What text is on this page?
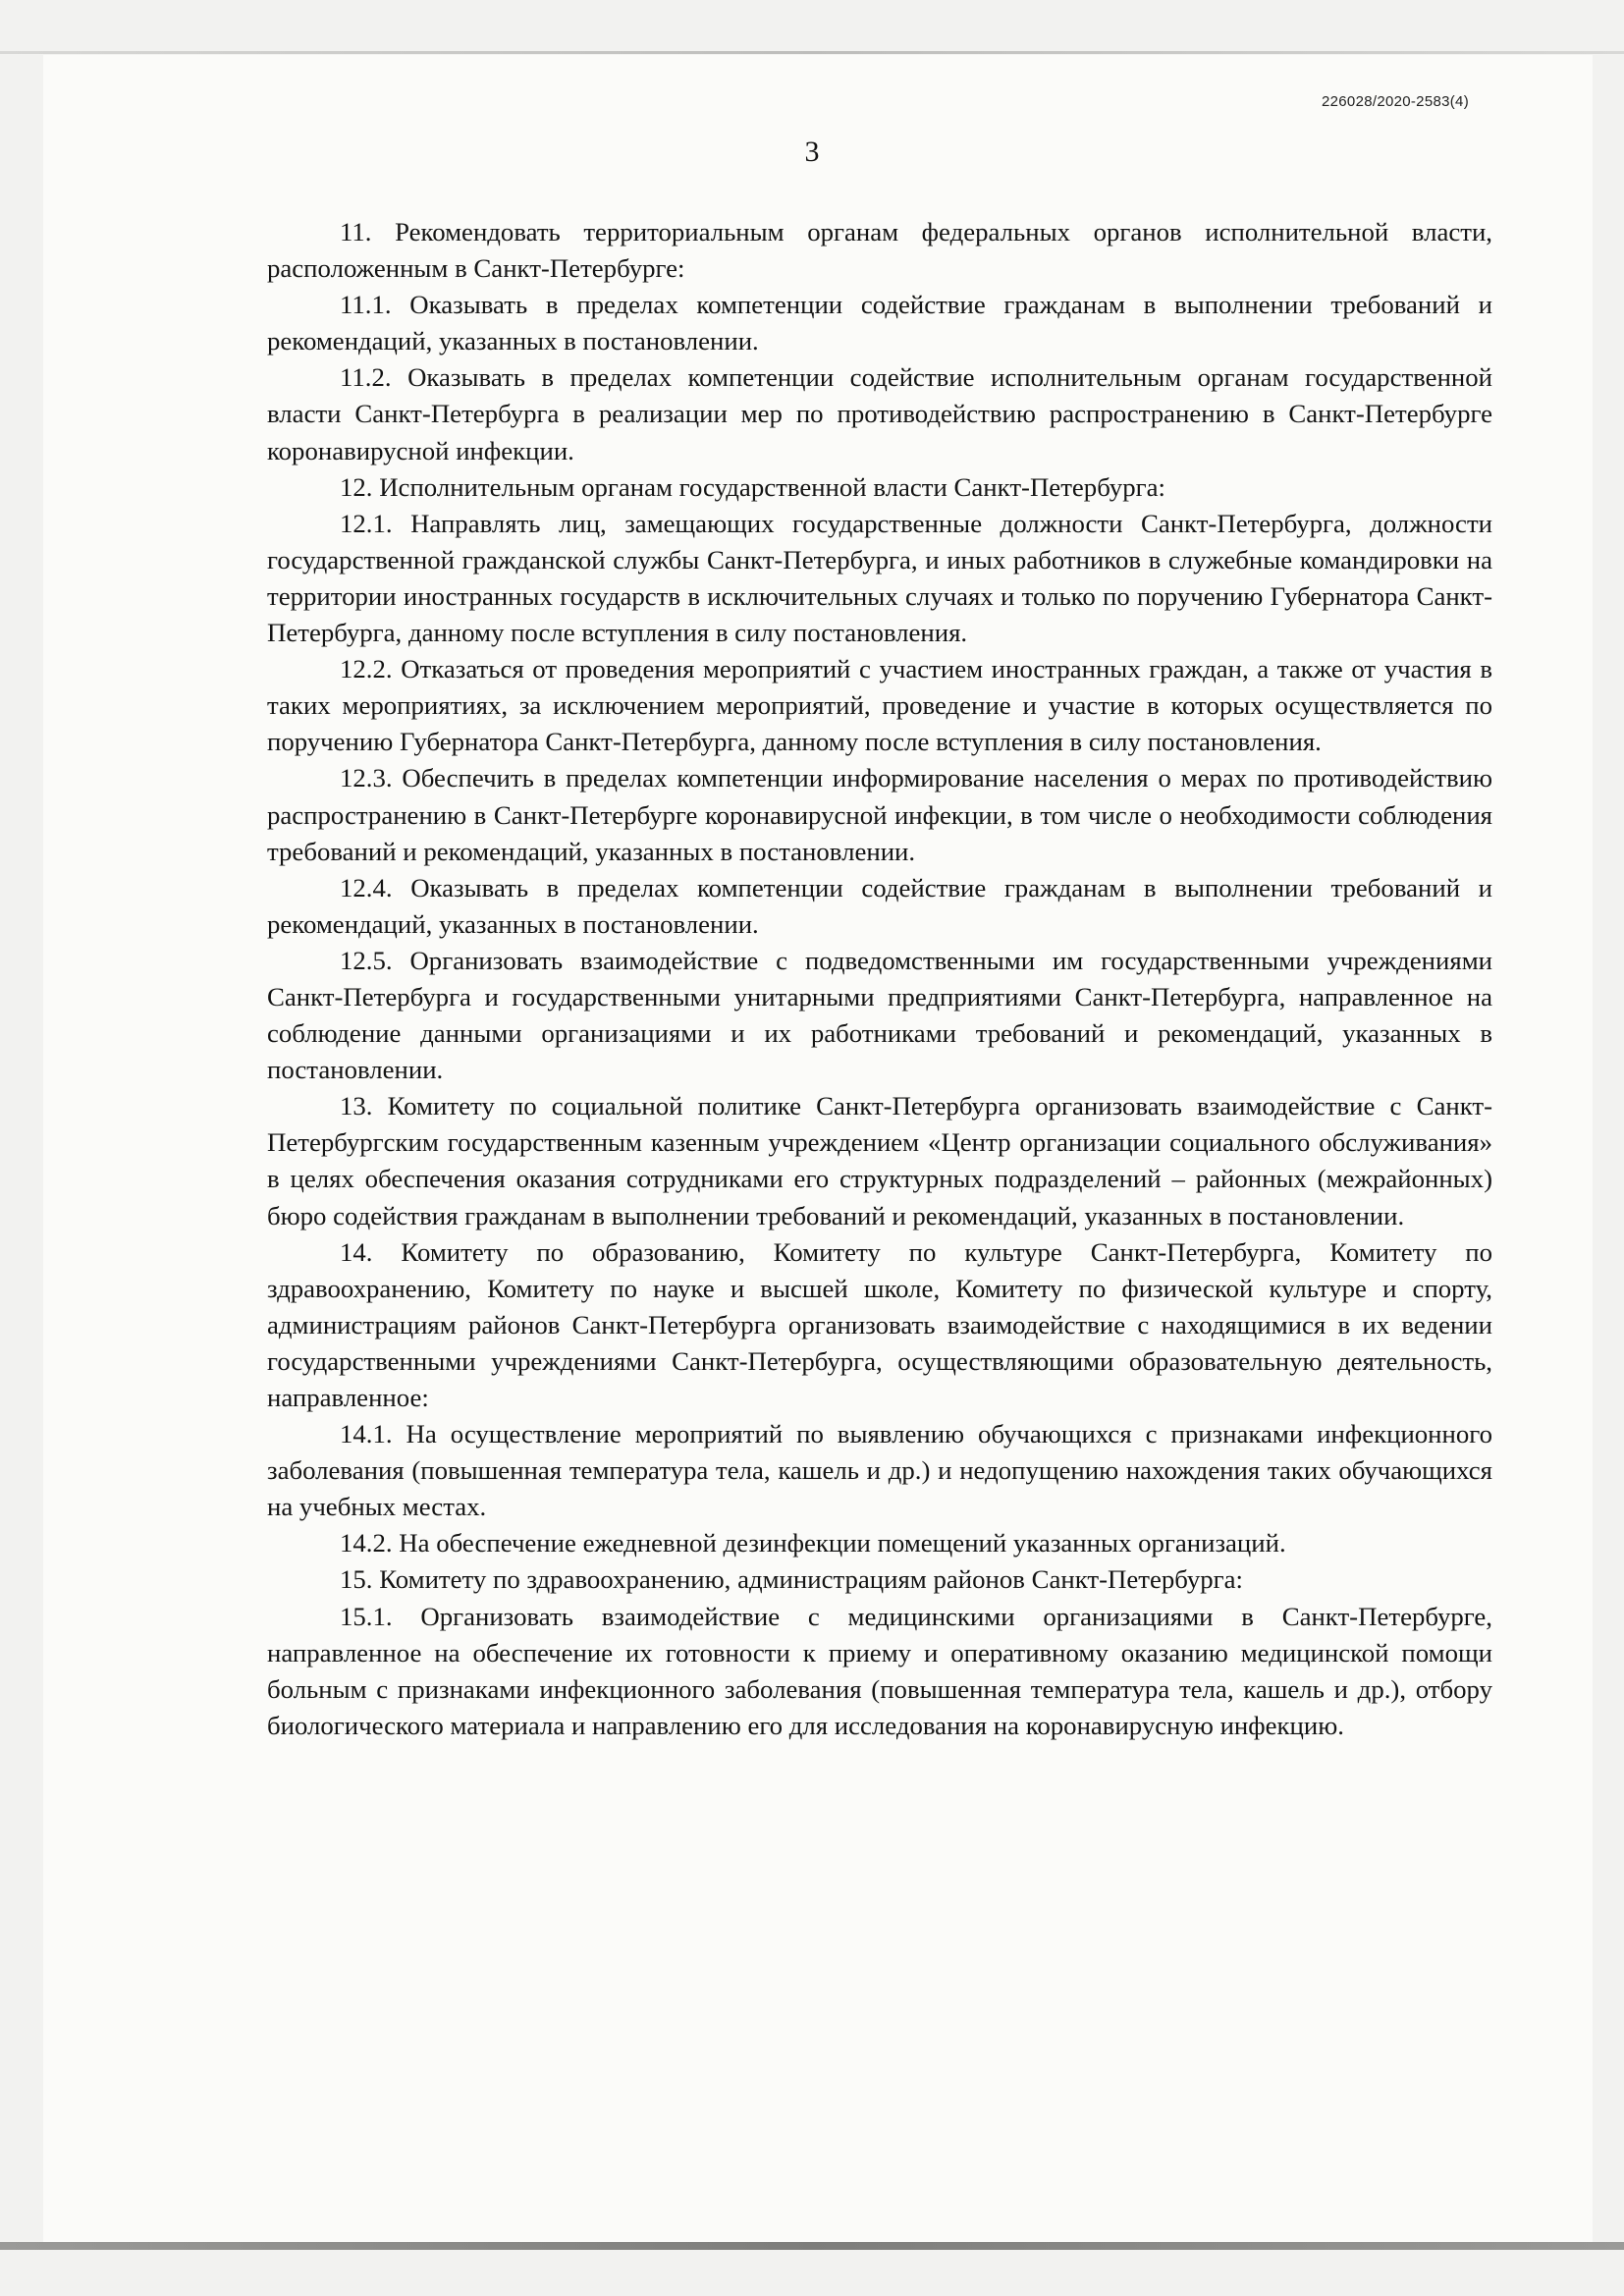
226028/2020-2583(4)
3

11. Рекомендовать территориальным органам федеральных органов исполнительной власти, расположенным в Санкт-Петербурге:

11.1. Оказывать в пределах компетенции содействие гражданам в выполнении требований и рекомендаций, указанных в постановлении.

11.2. Оказывать в пределах компетенции содействие исполнительным органам государственной власти Санкт-Петербурга в реализации мер по противодействию распространению в Санкт-Петербурге коронавирусной инфекции.

12. Исполнительным органам государственной власти Санкт-Петербурга:

12.1. Направлять лиц, замещающих государственные должности Санкт-Петербурга, должности государственной гражданской службы Санкт-Петербурга, и иных работников в служебные командировки на территории иностранных государств в исключительных случаях и только по поручению Губернатора Санкт-Петербурга, данному после вступления в силу постановления.

12.2. Отказаться от проведения мероприятий с участием иностранных граждан, а также от участия в таких мероприятиях, за исключением мероприятий, проведение и участие в которых осуществляется по поручению Губернатора Санкт-Петербурга, данному после вступления в силу постановления.

12.3. Обеспечить в пределах компетенции информирование населения о мерах по противодействию распространению в Санкт-Петербурге коронавирусной инфекции, в том числе о необходимости соблюдения требований и рекомендаций, указанных в постановлении.

12.4. Оказывать в пределах компетенции содействие гражданам в выполнении требований и рекомендаций, указанных в постановлении.

12.5. Организовать взаимодействие с подведомственными им государственными учреждениями Санкт-Петербурга и государственными унитарными предприятиями Санкт-Петербурга, направленное на соблюдение данными организациями и их работниками требований и рекомендаций, указанных в постановлении.

13. Комитету по социальной политике Санкт-Петербурга организовать взаимодействие с Санкт-Петербургским государственным казенным учреждением «Центр организации социального обслуживания» в целях обеспечения оказания сотрудниками его структурных подразделений – районных (межрайонных) бюро содействия гражданам в выполнении требований и рекомендаций, указанных в постановлении.

14. Комитету по образованию, Комитету по культуре Санкт-Петербурга, Комитету по здравоохранению, Комитету по науке и высшей школе, Комитету по физической культуре и спорту, администрациям районов Санкт-Петербурга организовать взаимодействие с находящимися в их ведении государственными учреждениями Санкт-Петербурга, осуществляющими образовательную деятельность, направленное:

14.1. На осуществление мероприятий по выявлению обучающихся с признаками инфекционного заболевания (повышенная температура тела, кашель и др.) и недопущению нахождения таких обучающихся на учебных местах.

14.2. На обеспечение ежедневной дезинфекции помещений указанных организаций.

15. Комитету по здравоохранению, администрациям районов Санкт-Петербурга:

15.1. Организовать взаимодействие с медицинскими организациями в Санкт-Петербурге, направленное на обеспечение их готовности к приему и оперативному оказанию медицинской помощи больным с признаками инфекционного заболевания (повышенная температура тела, кашель и др.), отбору биологического материала и направлению его для исследования на коронавирусную инфекцию.
